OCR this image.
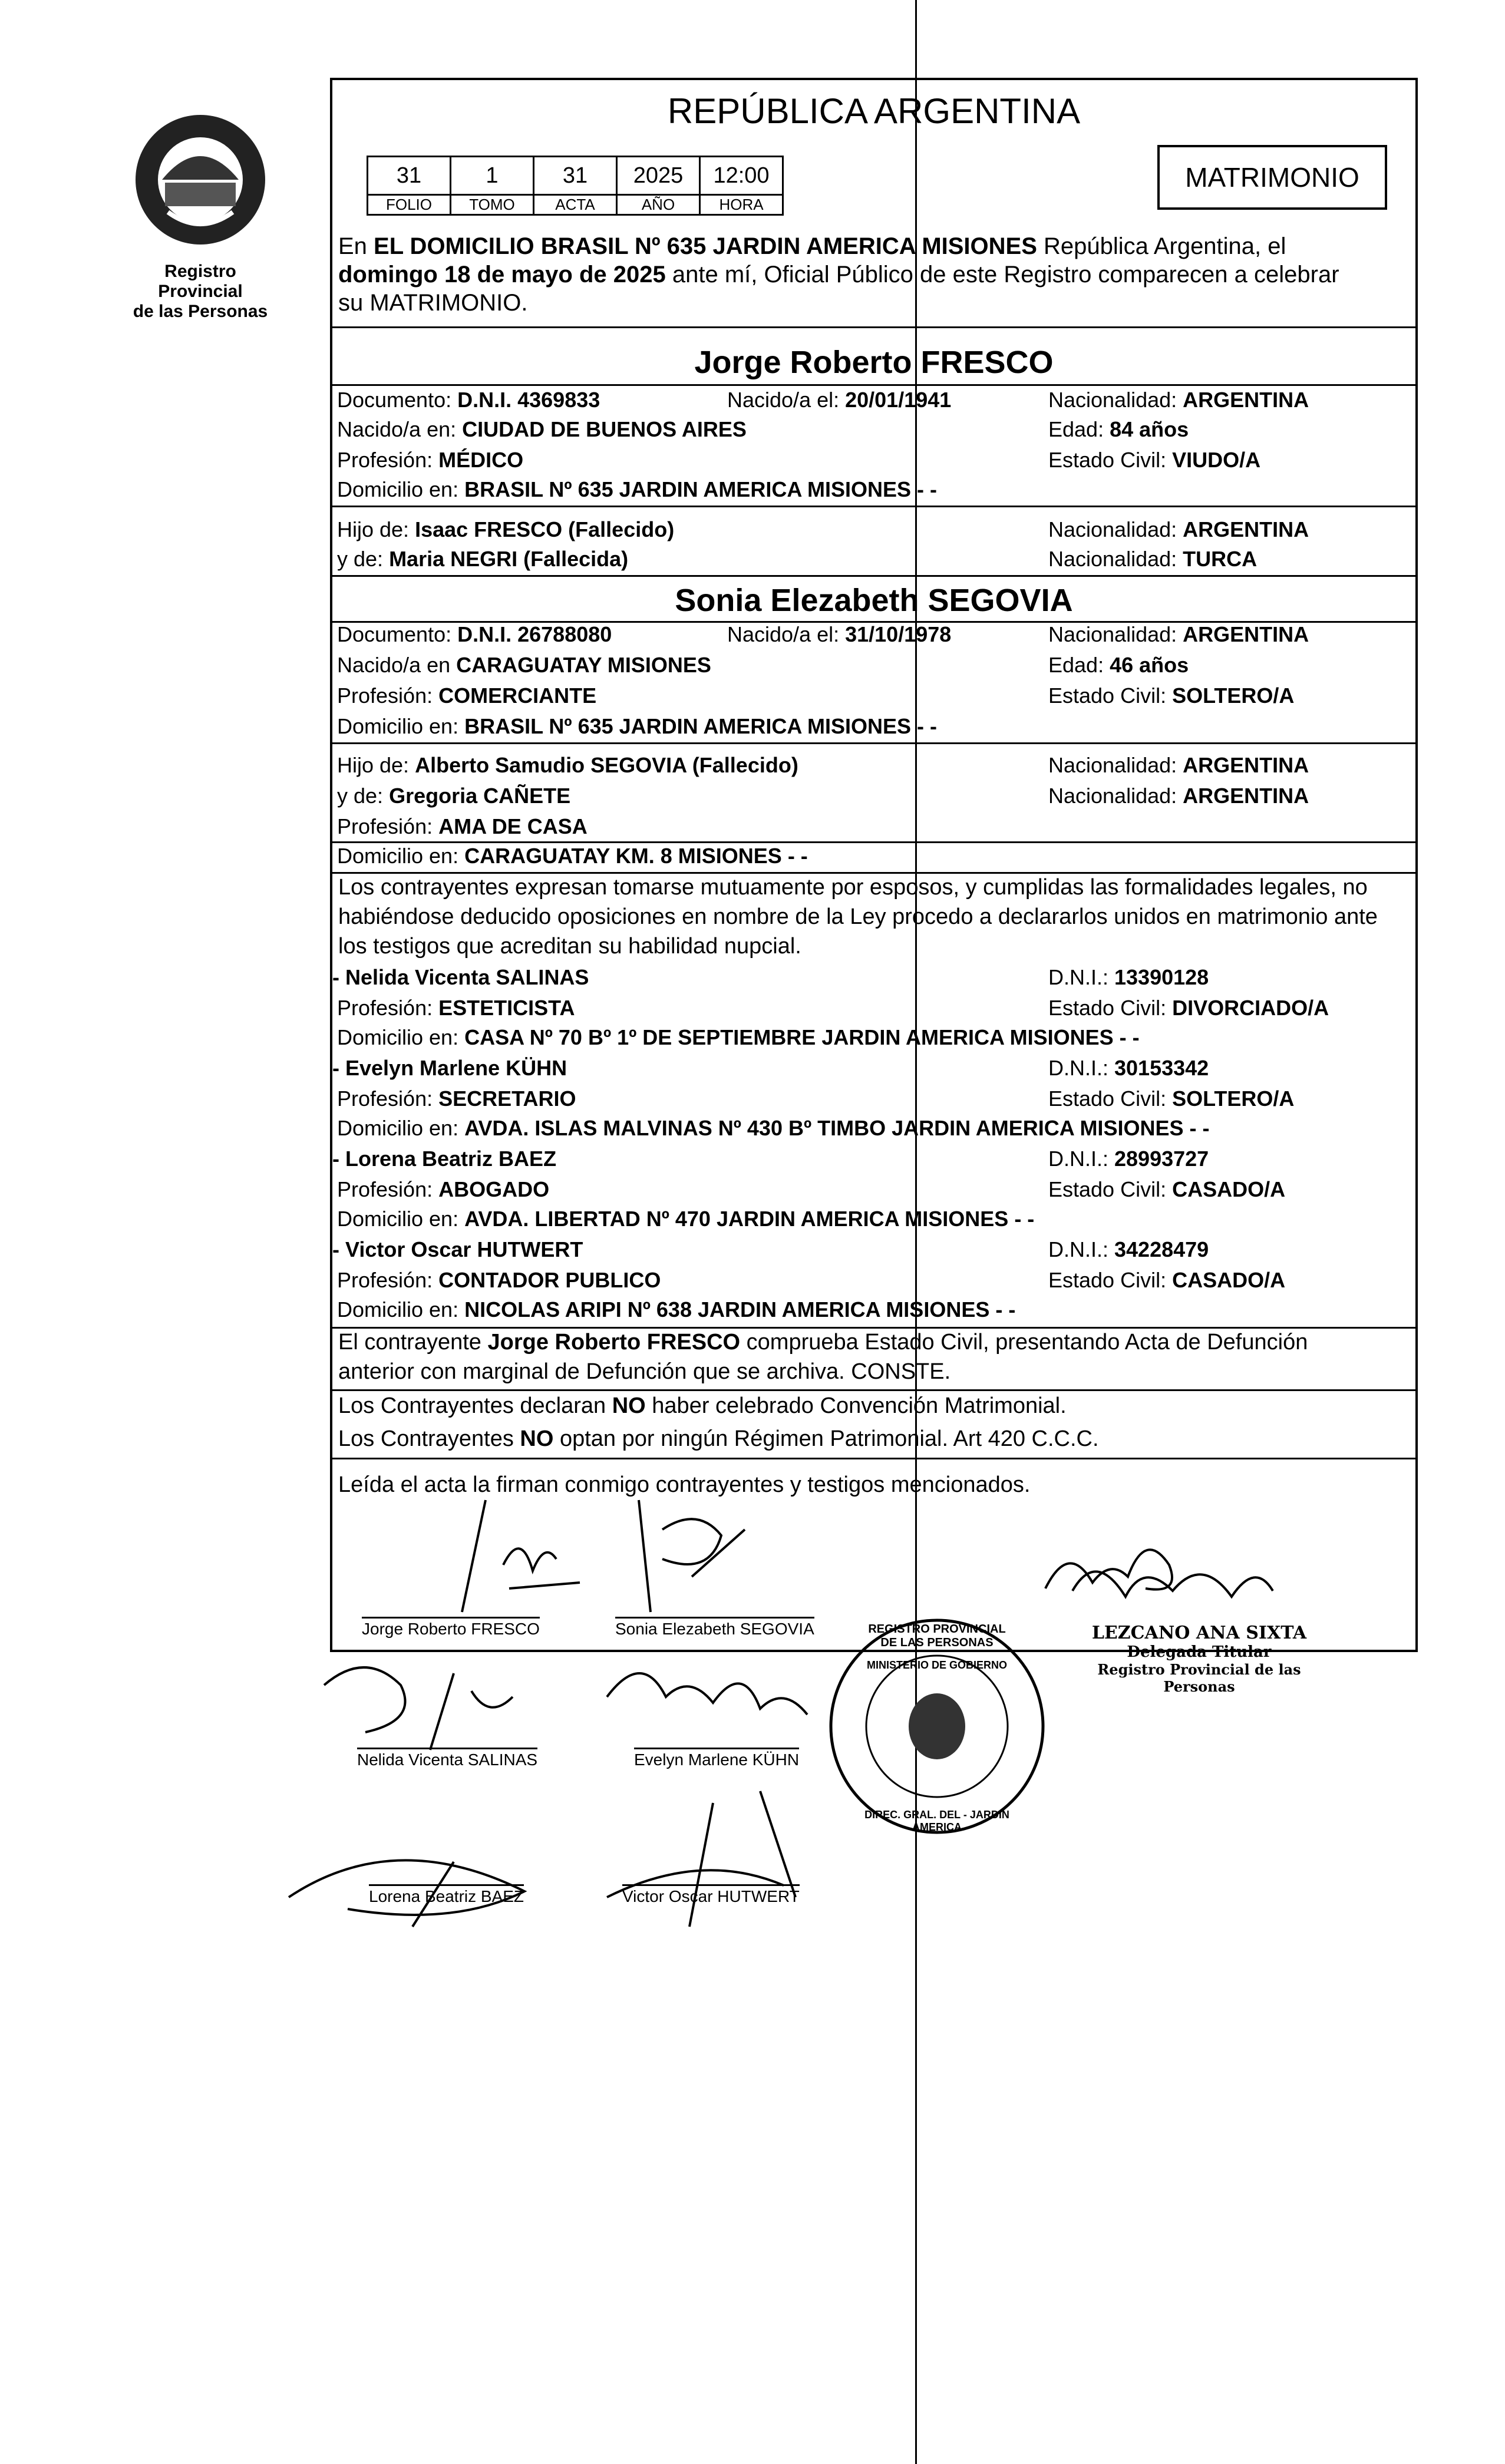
Registro Provincial
de las Personas
REPÚBLICA ARGENTINA
31	1	31	2025	12:00
FOLIO	TOMO	ACTA	AÑO	HORA
MATRIMONIO
En EL DOMICILIO BRASIL Nº 635 JARDIN AMERICA MISIONES República Argentina, el
domingo 18 de mayo de 2025 ante mí, Oficial Público de este Registro comparecen a celebrar
su MATRIMONIO.
Jorge Roberto FRESCO
Documento: D.N.I. 4369833	Nacido/a el: 20/01/1941	Nacionalidad: ARGENTINA
Nacido/a en: CIUDAD DE BUENOS AIRES	Edad: 84 años
Profesión: MÉDICO	Estado Civil: VIUDO/A
Domicilio en: BRASIL Nº 635 JARDIN AMERICA MISIONES - -
Hijo de: Isaac FRESCO (Fallecido)	Nacionalidad: ARGENTINA
y de: Maria NEGRI (Fallecida)	Nacionalidad: TURCA
Sonia Elezabeth SEGOVIA
Documento: D.N.I. 26788080	Nacido/a el: 31/10/1978	Nacionalidad: ARGENTINA
Nacido/a en CARAGUATAY MISIONES	Edad: 46 años
Profesión: COMERCIANTE	Estado Civil: SOLTERO/A
Domicilio en: BRASIL Nº 635 JARDIN AMERICA MISIONES - -
Hijo de: Alberto Samudio SEGOVIA (Fallecido)	Nacionalidad: ARGENTINA
y de: Gregoria CAÑETE	Nacionalidad: ARGENTINA
Profesión: AMA DE CASA
Domicilio en: CARAGUATAY KM. 8 MISIONES - -
Los contrayentes expresan tomarse mutuamente por esposos, y cumplidas las formalidades legales, no
habiéndose deducido oposiciones en nombre de la Ley procedo a declararlos unidos en matrimonio ante
los testigos que acreditan su habilidad nupcial.
- Nelida Vicenta SALINAS	D.N.I.: 13390128
Profesión: ESTETICISTA	Estado Civil: DIVORCIADO/A
Domicilio en: CASA Nº 70 Bº 1º DE SEPTIEMBRE JARDIN AMERICA MISIONES - -
- Evelyn Marlene KÜHN	D.N.I.: 30153342
Profesión: SECRETARIO	Estado Civil: SOLTERO/A
Domicilio en: AVDA. ISLAS MALVINAS Nº 430 Bº TIMBO JARDIN AMERICA MISIONES - -
- Lorena Beatriz BAEZ	D.N.I.: 28993727
Profesión: ABOGADO	Estado Civil: CASADO/A
Domicilio en: AVDA. LIBERTAD Nº 470 JARDIN AMERICA MISIONES - -
- Victor Oscar HUTWERT	D.N.I.: 34228479
Profesión: CONTADOR PUBLICO	Estado Civil: CASADO/A
Domicilio en: NICOLAS ARIPI Nº 638 JARDIN AMERICA MISIONES - -
El contrayente Jorge Roberto FRESCO comprueba Estado Civil, presentando Acta de Defunción
anterior con marginal de Defunción que se archiva. CONSTE.
Los Contrayentes declaran NO haber celebrado Convención Matrimonial.
Los Contrayentes NO optan por ningún Régimen Patrimonial. Art 420 C.C.C.
Leída el acta la firman conmigo contrayentes y testigos mencionados.
Jorge Roberto FRESCO	Sonia Elezabeth SEGOVIA
Nelida Vicenta SALINAS	Evelyn Marlene KÜHN
Lorena Beatriz BAEZ	Victor Oscar HUTWERT
REGISTRO PROVINCIAL DE LAS PERSONAS
MINISTERIO DE GOBIERNO
DIREC. GRAL. DEL - JARDIN AMERICA
LEZCANO ANA SIXTA
Delegada Titular
Registro Provincial de las Personas
